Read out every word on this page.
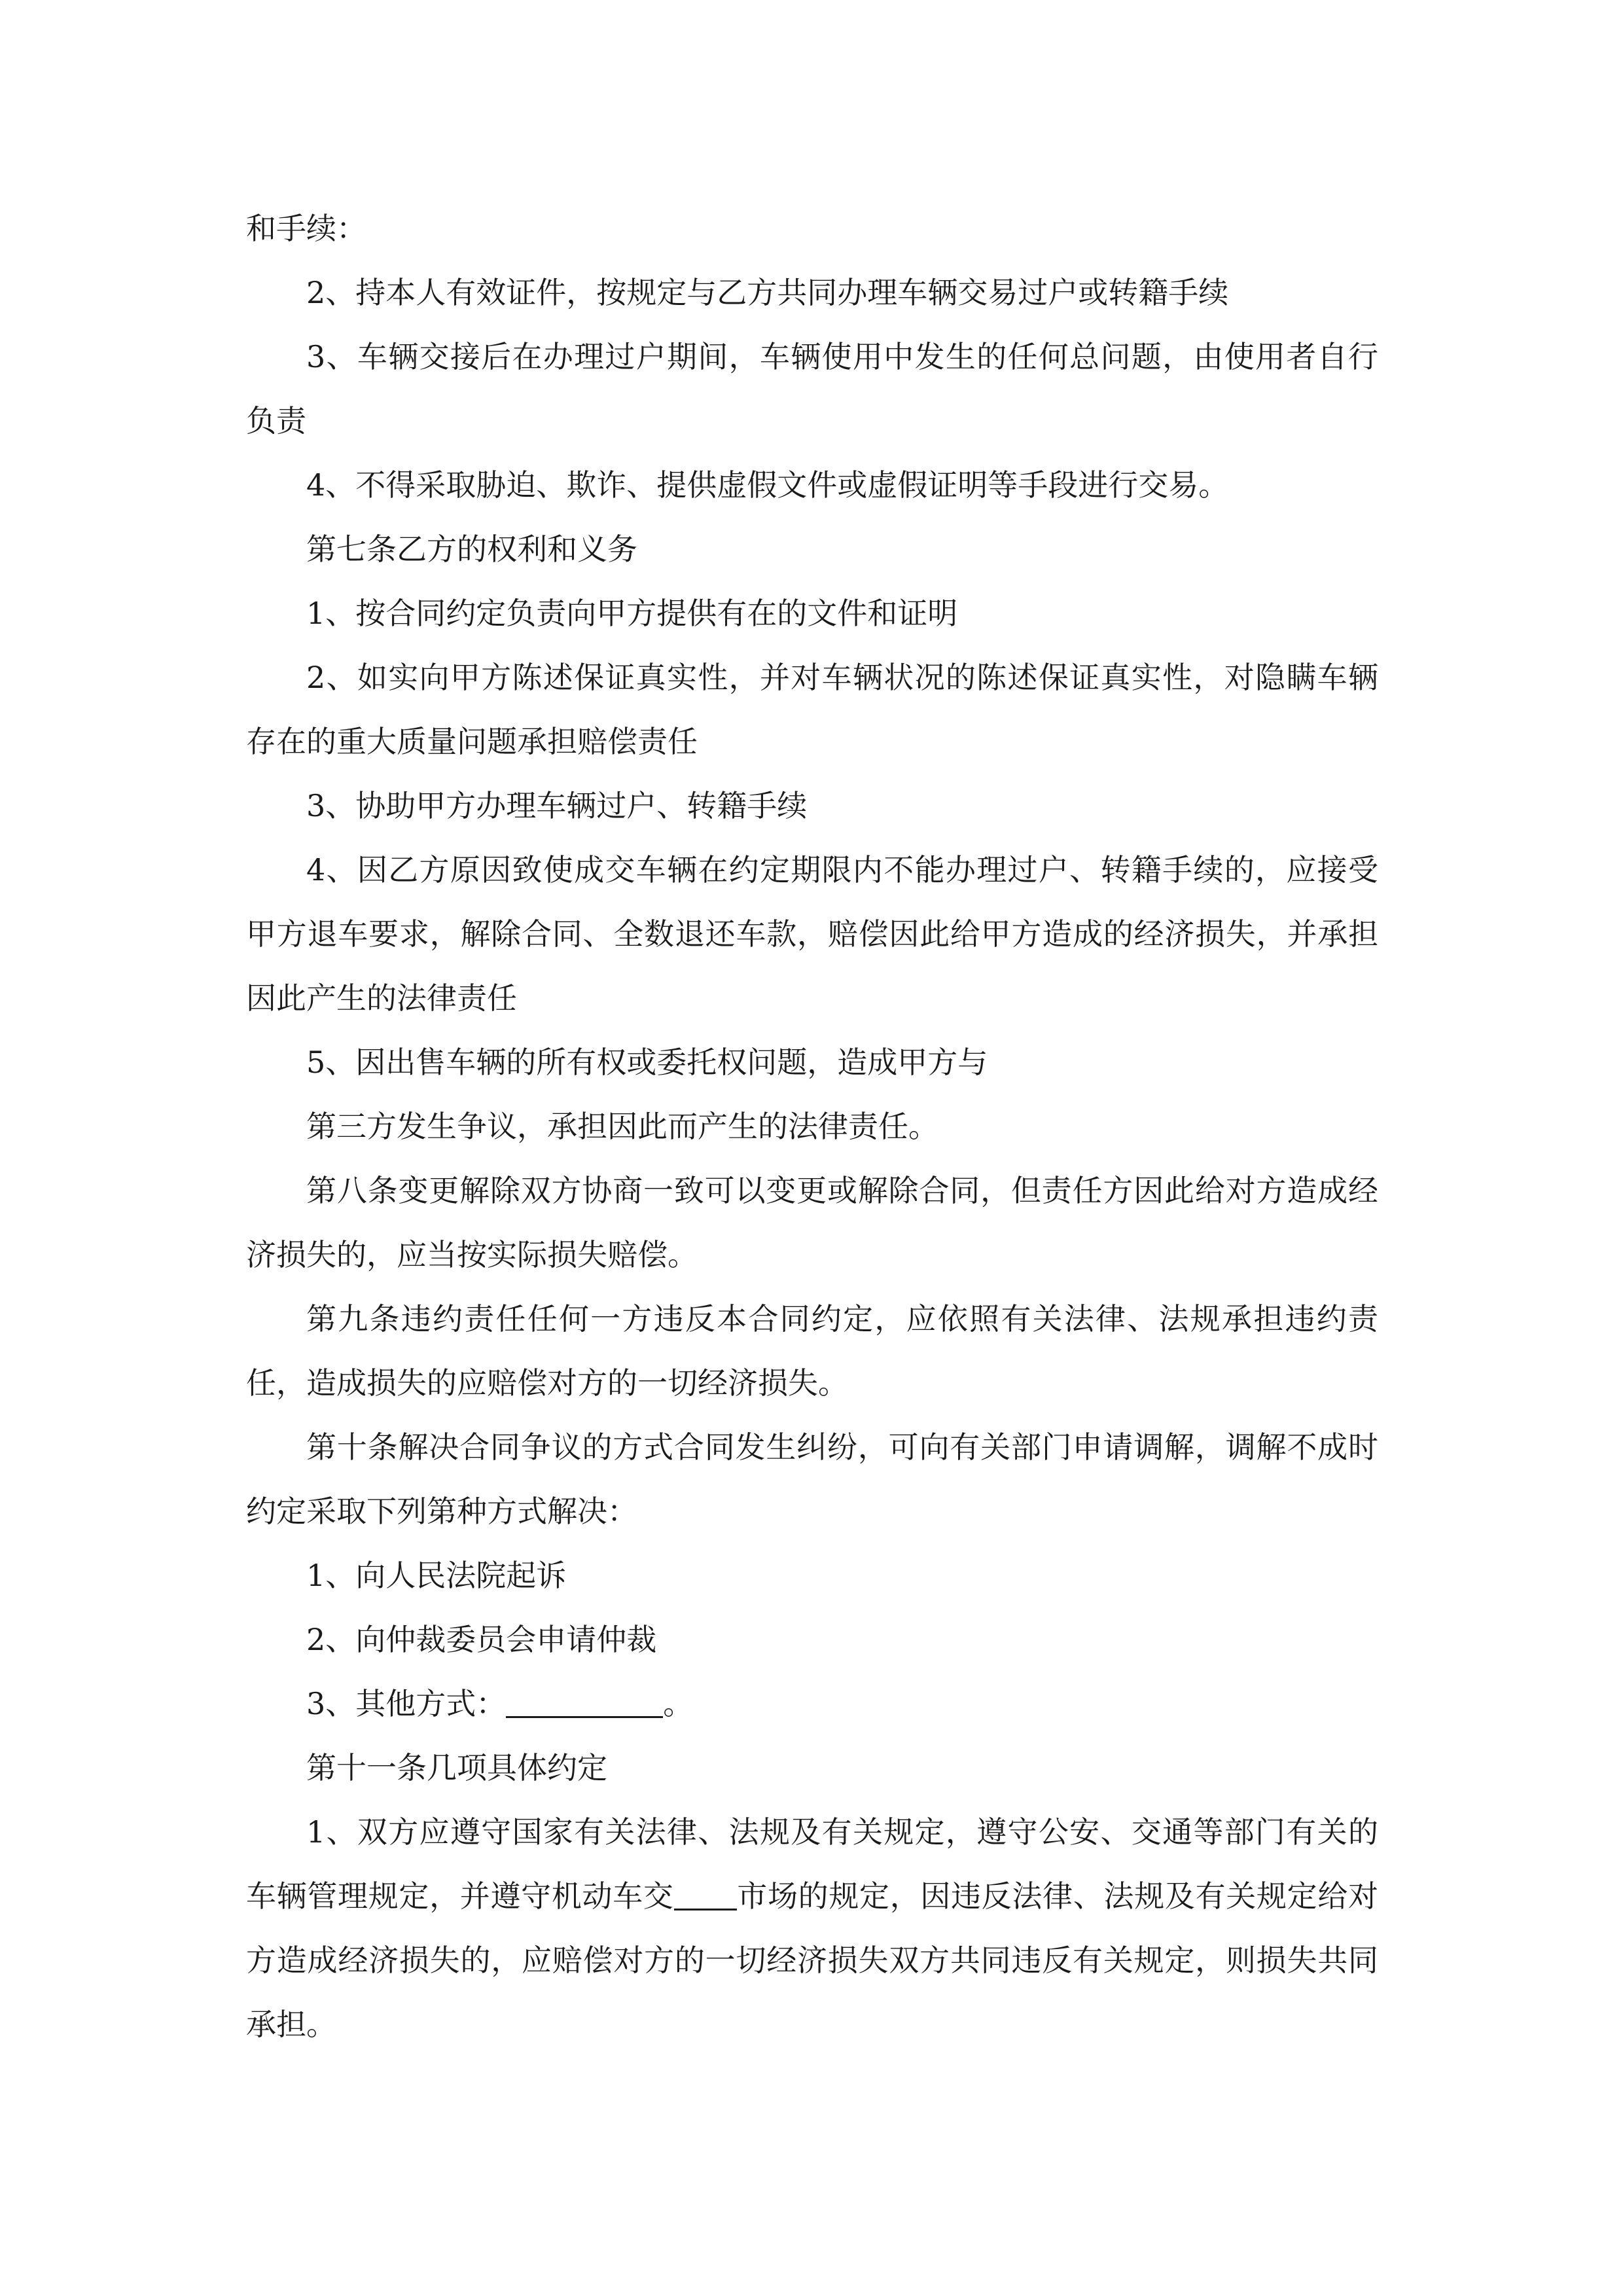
和手续：

2、持本人有效证件，按规定与乙方共同办理车辆交易过户或转籍手续

3、车辆交接后在办理过户期间，车辆使用中发生的任何总问题，由使用者自行负责

4、不得采取胁迫、欺诈、提供虚假文件或虚假证明等手段进行交易。

第七条乙方的权利和义务

1、按合同约定负责向甲方提供有在的文件和证明

2、如实向甲方陈述保证真实性，并对车辆状况的陈述保证真实性，对隐瞒车辆存在的重大质量问题承担赔偿责任

3、协助甲方办理车辆过户、转籍手续

4、因乙方原因致使成交车辆在约定期限内不能办理过户、转籍手续的，应接受甲方退车要求，解除合同、全数退还车款，赔偿因此给甲方造成的经济损失，并承担因此产生的法律责任

5、因出售车辆的所有权或委托权问题，造成甲方与

第三方发生争议，承担因此而产生的法律责任。

第八条变更解除双方协商一致可以变更或解除合同，但责任方因此给对方造成经济损失的，应当按实际损失赔偿。

第九条违约责任任何一方违反本合同约定，应依照有关法律、法规承担违约责任，造成损失的应赔偿对方的一切经济损失。

第十条解决合同争议的方式合同发生纠纷，可向有关部门申请调解，调解不成时约定采取下列第种方式解决：

1、向人民法院起诉

2、向仲裁委员会申请仲裁

3、其他方式：	。

第十一条几项具体约定

1、双方应遵守国家有关法律、法规及有关规定，遵守公安、交通等部门有关的车辆管理规定，并遵守机动车交 市场的规定，因违反法律、法规及有关规定给对方造成经济损失的，应赔偿对方的一切经济损失双方共同违反有关规定，则损失共同承担。
